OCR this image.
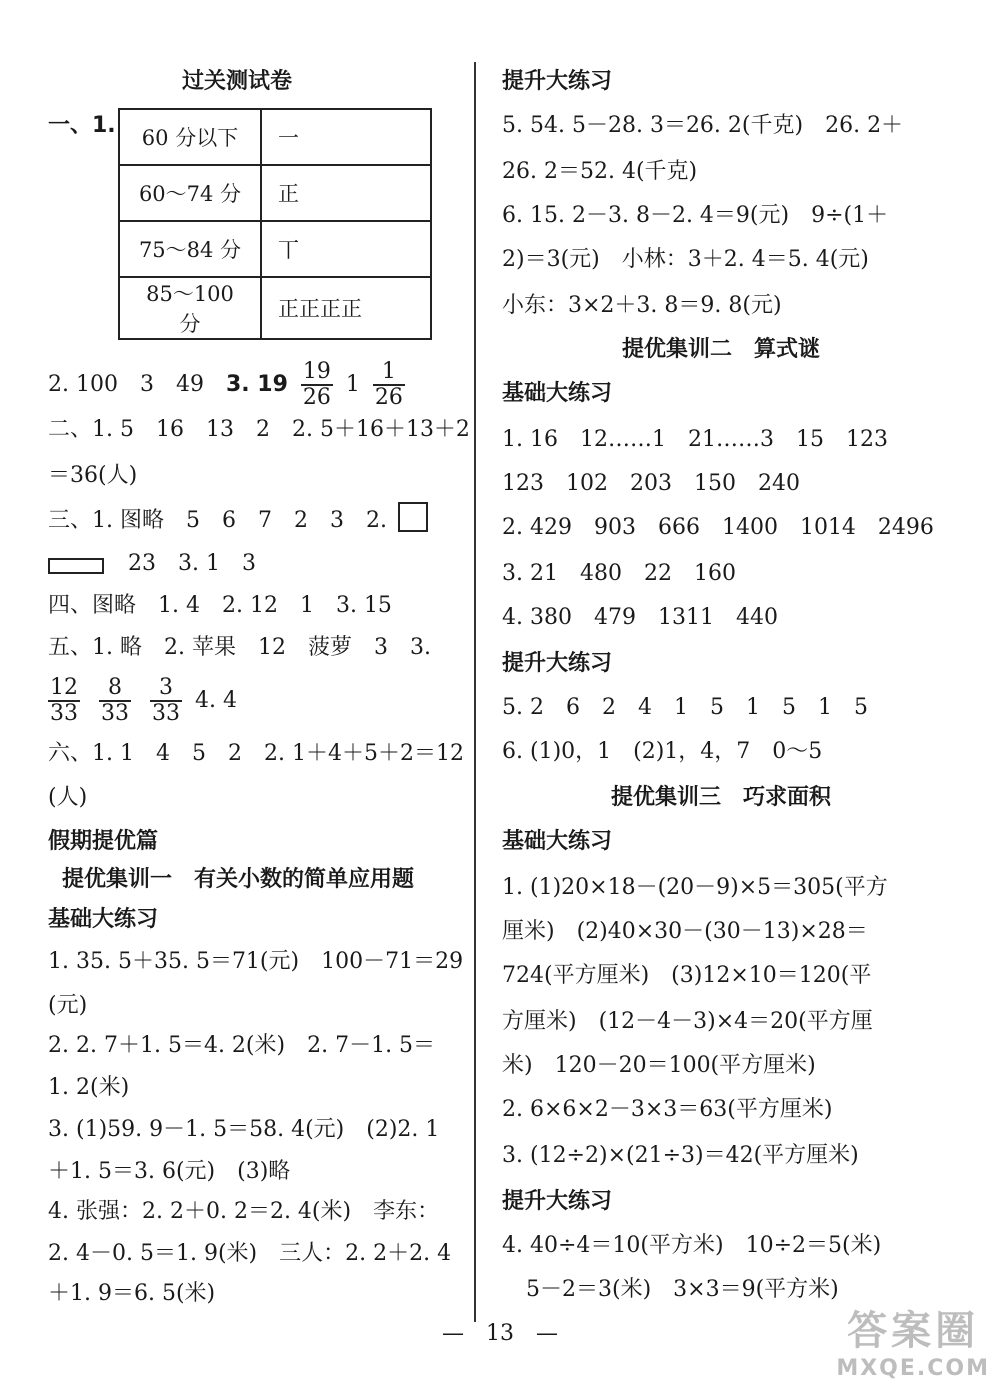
过关测试卷
一、1. 60 分以下	一
60～74 分	正
75～84 分	丅
85～100 分	正正正正
2. 100　3　49　3. $19 \frac{19}{26} 1 \frac{1}{26}$
二、1. 5　16　13　2　2. 5＋16＋13＋2
＝36(人)
三、1. 图略　5　6　7　2　3　2.
23　3. 1　3
四、图略　1. 4　2. 12　1　3. 15
五、1. 略　2. 苹果　12　菠萝　3　3.
$\frac{12}{33}$
$\frac{8}{33}$
$\frac{3}{33} 4$. 4
六、1. 1　4　5　2　2. 1＋4＋5＋2＝12
(人)
假期提优篇
提优集训一　有关小数的简单应用题
基础大练习
1. 35. 5＋35. 5＝71(元)　100－71＝29
(元)
2. 2. 7＋1. 5＝4. 2(米)　2. 7－1. 5＝
1. 2(米)
3. (1)59. 9－1. 5＝58. 4(元)　(2)2. 1
＋1. 5＝3. 6(元)　(3)略
4. 张强：2. 2＋0. 2＝2. 4(米)　李东：
2. 4－0. 5＝1. 9(米)　三人：2. 2＋2. 4
＋1. 9＝6. 5(米)
提升大练习
5. 54. 5－28. 3＝26. 2(千克)　26. 2＋
26. 2＝52. 4(千克)
6. 15. 2－3. 8－2. 4＝9(元)　9÷(1＋
2)＝3(元)　小林：3＋2. 4＝5. 4(元)
小东：3×2＋3. 8＝9. 8(元)
提优集训二　算式谜
基础大练习
1. 16　12……1　21……3　15　123
123　102　203　150　240
2. 429　903　666　1400　1014　2496
3. 21　480　22　160
4. 380　479　1311　440
提升大练习
5. 2　6　2　4　1　5　1　5　1　5
6. (1)0，1　(2)1，4，7　0～5
提优集训三　巧求面积
基础大练习
1. (1)20×18－(20－9)×5＝305(平方
厘米)　(2)40×30－(30－13)×28＝
724(平方厘米)　(3)12×10＝120(平
方厘米)　(12－4－3)×4＝20(平方厘
米)　120－20＝100(平方厘米)
2. 6×6×2－3×3＝63(平方厘米)
3. (12÷2)×(21÷3)＝42(平方厘米)
提升大练习
4. 40÷4＝10(平方米)　10÷2＝5(米)
5－2＝3(米)　3×3＝9(平方米)
—　13　—	答案圈
MXQE.COM
